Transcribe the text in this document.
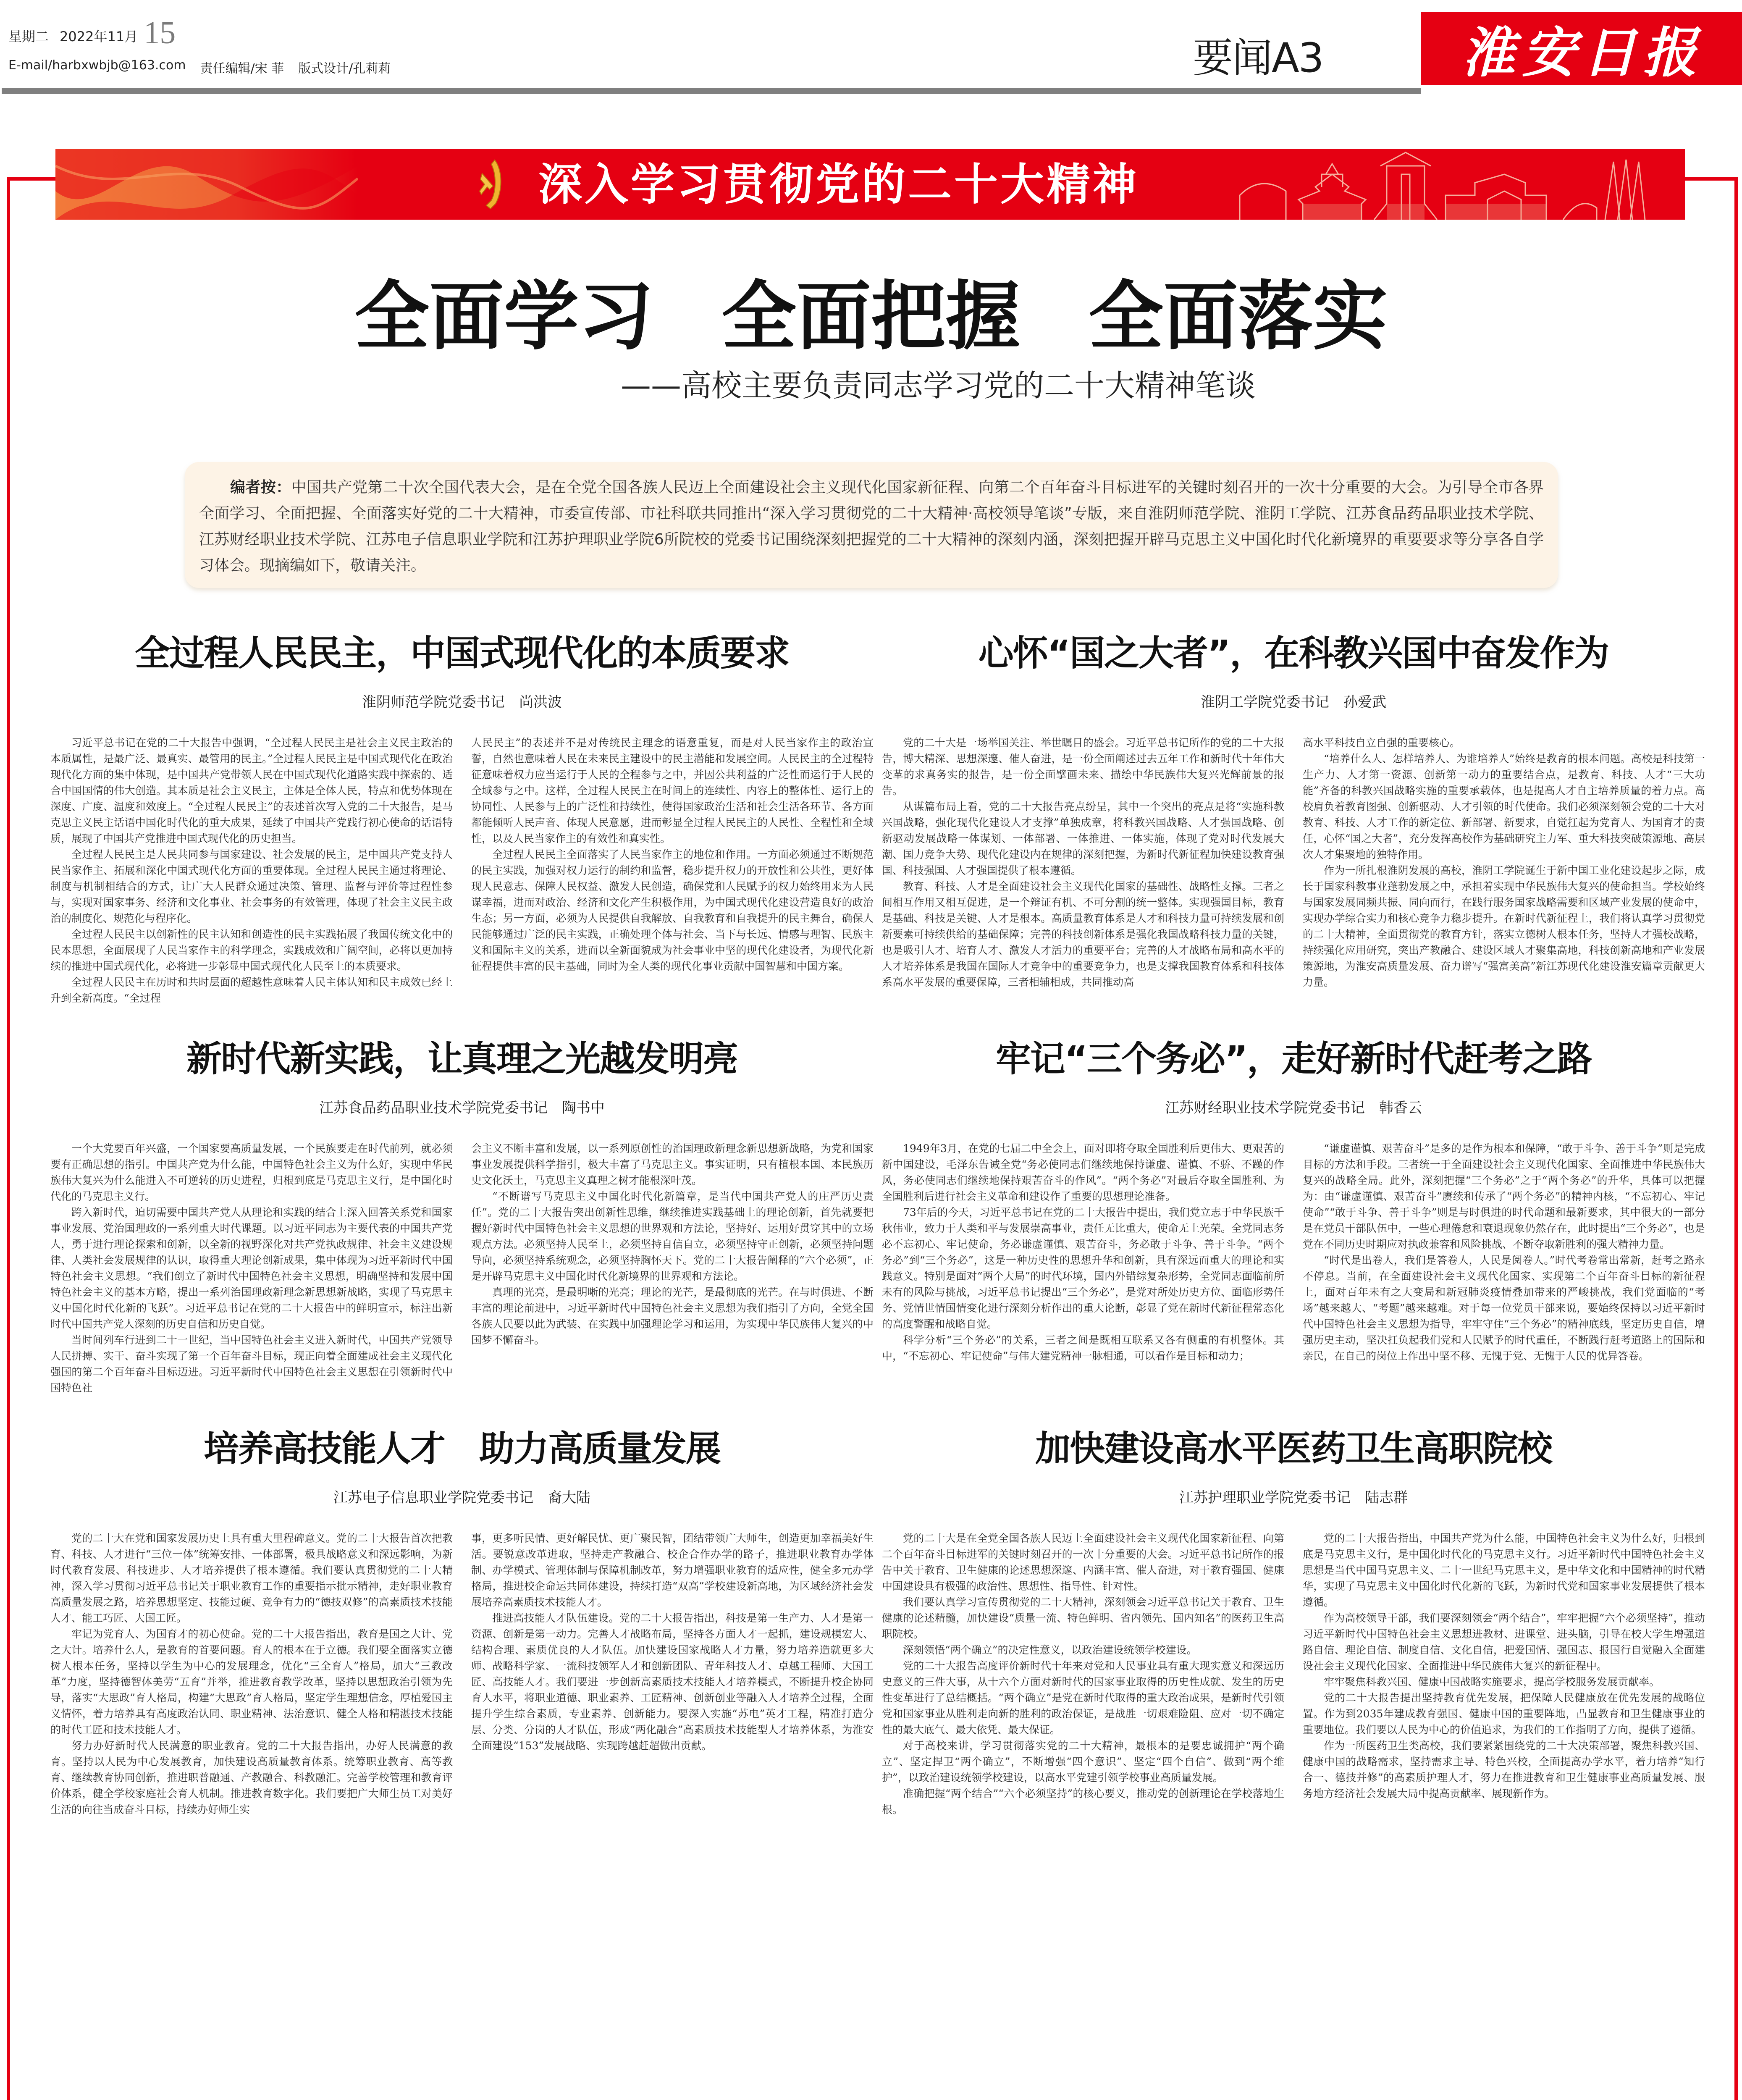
星期二 2022年11月 15
E-mail/harbxwbjb@163.com 责任编辑/宋 菲 版式设计/孔莉莉	要闻A3	淮安日报
深入学习贯彻党的二十大精神
全面学习 全面把握 全面落实
——高校主要负责同志学习党的二十大精神笔谈
编者按：中国共产党第二十次全国代表大会，是在全党全国各族人民迈上全面建设社会主义现代化国家新征程、向第二个百年奋斗目标进军的关键时刻召开的一次十分重要的大会。为引导全市各界全面学习、全面把握、全面落实好党的二十大精神，市委宣传部、市社科联共同推出“深入学习贯彻党的二十大精神·高校领导笔谈”专版，来自淮阴师范学院、淮阴工学院、江苏食品药品职业技术学院、江苏财经职业技术学院、江苏电子信息职业学院和江苏护理职业学院6所院校的党委书记围绕深刻把握党的二十大精神的深刻内涵，深刻把握开辟马克思主义中国化时代化新境界的重要要求等分享各自学习体会。现摘编如下，敬请关注。
全过程人民民主，中国式现代化的本质要求
淮阴师范学院党委书记　尚洪波

习近平总书记在党的二十大报告中强调，“全过程人民民主是社会主义民主政治的本质属性，是最广泛、最真实、最管用的民主。”全过程人民民主是中国式现代化在政治现代化方面的集中体现，是中国共产党带领人民在中国式现代化道路实践中探索的、适合中国国情的伟大创造。其本质是社会主义民主，主体是全体人民，特点和优势体现在深度、广度、温度和效度上。“全过程人民民主”的表述首次写入党的二十大报告，是马克思主义民主话语中国化时代化的重大成果，延续了中国共产党践行初心使命的话语特质，展现了中国共产党推进中国式现代化的历史担当。

全过程人民民主是人民共同参与国家建设、社会发展的民主，是中国共产党支持人民当家作主、拓展和深化中国式现代化方面的重要体现。全过程人民民主通过将理论、制度与机制相结合的方式，让广大人民群众通过决策、管理、监督与评价等过程性参与，实现对国家事务、经济和文化事业、社会事务的有效管理，体现了社会主义民主政治的制度化、规范化与程序化。

全过程人民民主以创新性的民主认知和创造性的民主实践拓展了我国传统文化中的民本思想，全面展现了人民当家作主的科学理念，实践成效和广阔空间，必将以更加持续的推进中国式现代化，必将进一步彰显中国式现代化人民至上的本质要求。

全过程人民民主在历时和共时层面的超越性意味着人民主体认知和民主成效已经上升到全新高度。“全过程

人民民主”的表述并不是对传统民主理念的语意重复，而是对人民当家作主的政治宣誓，自然也意味着人民在未来民主建设中的民主潜能和发展空间。人民民主的全过程特征意味着权力应当运行于人民的全程参与之中，并因公共利益的广泛性而运行于人民的全域参与之中。这样，全过程人民民主在时间上的连续性、内容上的整体性、运行上的协同性、人民参与上的广泛性和持续性，使得国家政治生活和社会生活各环节、各方面都能倾听人民声音、体现人民意愿，进而彰显全过程人民民主的人民性、全程性和全域性，以及人民当家作主的有效性和真实性。

全过程人民民主全面落实了人民当家作主的地位和作用。一方面必须通过不断规范的民主实践，加强对权力运行的制约和监督，稳步提升权力的开放性和公共性，更好体现人民意志、保障人民权益、激发人民创造，确保党和人民赋予的权力始终用来为人民谋幸福，进而对政治、经济和文化产生积极作用，为中国式现代化建设营造良好的政治生态；另一方面，必须为人民提供自我解放、自我教育和自我提升的民主舞台，确保人民能够通过广泛的民主实践，正确处理个体与社会、当下与长远、情感与理智、民族主义和国际主义的关系，进而以全新面貌成为社会事业中坚的现代化建设者，为现代化新征程提供丰富的民主基础，同时为全人类的现代化事业贡献中国智慧和中国方案。

心怀“国之大者”，在科教兴国中奋发作为
淮阴工学院党委书记　孙爱武

党的二十大是一场举国关注、举世瞩目的盛会。习近平总书记所作的党的二十大报告，博大精深、思想深邃、催人奋进，是一份全面阐述过去五年工作和新时代十年伟大变革的求真务实的报告，是一份全面擘画未来、描绘中华民族伟大复兴光辉前景的报告。

从谋篇布局上看，党的二十大报告亮点纷呈，其中一个突出的亮点是将“实施科教兴国战略，强化现代化建设人才支撑”单独成章，将科教兴国战略、人才强国战略、创新驱动发展战略一体谋划、一体部署、一体推进、一体实施，体现了党对时代发展大潮、国力竞争大势、现代化建设内在规律的深刻把握，为新时代新征程加快建设教育强国、科技强国、人才强国提供了根本遵循。

教育、科技、人才是全面建设社会主义现代化国家的基础性、战略性支撑。三者之间相互作用又相互促进，是一个辩证有机、不可分割的统一整体。实现强国目标，教育是基础、科技是关键、人才是根本。高质量教育体系是人才和科技力量可持续发展和创新要素可持续供给的基础保障；完善的科技创新体系是强化我国战略科技力量的关键，也是吸引人才、培育人才、激发人才活力的重要平台；完善的人才战略布局和高水平的人才培养体系是我国在国际人才竞争中的重要竞争力，也是支撑我国教育体系和科技体系高水平发展的重要保障，三者相辅相成，共同推动高

高水平科技自立自强的重要核心。

“培养什么人、怎样培养人、为谁培养人”始终是教育的根本问题。高校是科技第一生产力、人才第一资源、创新第一动力的重要结合点，是教育、科技、人才“三大功能”齐备的科教兴国战略实施的重要承载体，也是提高人才自主培养质量的着力点。高校肩负着教育图强、创新驱动、人才引领的时代使命。我们必须深刻领会党的二十大对教育、科技、人才工作的新定位、新部署、新要求，自觉扛起为党育人、为国育才的责任，心怀“国之大者”，充分发挥高校作为基础研究主力军、重大科技突破策源地、高层次人才集聚地的独特作用。

作为一所扎根淮阴发展的高校，淮阴工学院诞生于新中国工业化建设起步之际，成长于国家科教事业蓬勃发展之中，承担着实现中华民族伟大复兴的使命担当。学校始终与国家发展同频共振、同向而行，在践行服务国家战略需要和区域产业发展的使命中，实现办学综合实力和核心竞争力稳步提升。在新时代新征程上，我们将认真学习贯彻党的二十大精神，全面贯彻党的教育方针，落实立德树人根本任务，坚持人才强校战略，持续强化应用研究，突出产教融合、建设区域人才聚集高地，科技创新高地和产业发展策源地，为淮安高质量发展、奋力谱写“强富美高”新江苏现代化建设淮安篇章贡献更大力量。

新时代新实践，让真理之光越发明亮
江苏食品药品职业技术学院党委书记　陶书中

一个大党要百年兴盛，一个国家要高质量发展，一个民族要走在时代前列，就必须要有正确思想的指引。中国共产党为什么能，中国特色社会主义为什么好，实现中华民族伟大复兴为什么能进入不可逆转的历史进程，归根到底是马克思主义行，是中国化时代化的马克思主义行。

跨入新时代，迫切需要中国共产党人从理论和实践的结合上深入回答关系党和国家事业发展、党治国理政的一系列重大时代课题。以习近平同志为主要代表的中国共产党人，勇于进行理论探索和创新，以全新的视野深化对共产党执政规律、社会主义建设规律、人类社会发展规律的认识，取得重大理论创新成果，集中体现为习近平新时代中国特色社会主义思想。“我们创立了新时代中国特色社会主义思想，明确坚持和发展中国特色社会主义的基本方略，提出一系列治国理政新理念新思想新战略，实现了马克思主义中国化时代化新的飞跃”。习近平总书记在党的二十大报告中的鲜明宣示，标注出新时代中国共产党人深刻的历史自信和历史自觉。

当时间列车行进到二十一世纪，当中国特色社会主义进入新时代，中国共产党领导人民拼搏、实干、奋斗实现了第一个百年奋斗目标，现正向着全面建成社会主义现代化强国的第二个百年奋斗目标迈进。习近平新时代中国特色社会主义思想在引领新时代中国特色社

会主义不断丰富和发展，以一系列原创性的治国理政新理念新思想新战略，为党和国家事业发展提供科学指引，极大丰富了马克思主义。事实证明，只有植根本国、本民族历史文化沃土，马克思主义真理之树才能根深叶茂。

“不断谱写马克思主义中国化时代化新篇章，是当代中国共产党人的庄严历史责任”。党的二十大报告突出创新性思维，继续推进实践基础上的理论创新，首先就要把握好新时代中国特色社会主义思想的世界观和方法论，坚持好、运用好贯穿其中的立场观点方法。必须坚持人民至上，必须坚持自信自立，必须坚持守正创新，必须坚持问题导向，必须坚持系统观念，必须坚持胸怀天下。党的二十大报告阐释的“六个必须”，正是开辟马克思主义中国化时代化新境界的世界观和方法论。

真理的光亮，是最明晰的光亮；理论的光芒，是最彻底的光芒。在与时俱进、不断丰富的理论前进中，习近平新时代中国特色社会主义思想为我们指引了方向，全党全国各族人民要以此为武装、在实践中加强理论学习和运用，为实现中华民族伟大复兴的中国梦不懈奋斗。

牢记“三个务必”，走好新时代赶考之路
江苏财经职业技术学院党委书记　韩香云

1949年3月，在党的七届二中全会上，面对即将夺取全国胜利后更伟大、更艰苦的新中国建设，毛泽东告诫全党“务必使同志们继续地保持谦虚、谨慎、不骄、不躁的作风，务必使同志们继续地保持艰苦奋斗的作风”。“两个务必”对最后夺取全国胜利、为全国胜利后进行社会主义革命和建设作了重要的思想理论准备。

73年后的今天，习近平总书记在党的二十大报告中提出，我们党立志于中华民族千秋伟业，致力于人类和平与发展崇高事业，责任无比重大，使命无上光荣。全党同志务必不忘初心、牢记使命，务必谦虚谨慎、艰苦奋斗，务必敢于斗争、善于斗争。“两个务必”到“三个务必”，这是一种历史性的思想升华和创新，具有深远而重大的理论和实践意义。特别是面对“两个大局”的时代环境，国内外错综复杂形势，全党同志面临前所未有的风险与挑战，习近平总书记提出“三个务必”，是党对所处历史方位、面临形势任务、党情世情国情变化进行深刻分析作出的重大论断，彰显了党在新时代新征程常态化的高度警醒和战略自觉。

科学分析“三个务必”的关系，三者之间是既相互联系又各有侧重的有机整体。其中，“不忘初心、牢记使命”与伟大建党精神一脉相通，可以看作是目标和动力；

“谦虚谨慎、艰苦奋斗”是多的是作为根本和保障，“敢于斗争、善于斗争”则是完成目标的方法和手段。三者统一于全面建设社会主义现代化国家、全面推进中华民族伟大复兴的战略全局。此外，深刻把握“三个务必”之于“两个务必”的升华，具体可以把握为：由“谦虚谨慎、艰苦奋斗”赓续和传承了“两个务必”的精神内核，“不忘初心、牢记使命”“敢于斗争、善于斗争”则是与时俱进的时代命题和最新要求，其中很大的一部分是在党员干部队伍中，一些心理倦怠和衰退现象仍然存在，此时提出“三个务必”，也是党在不同历史时期应对执政兼容和风险挑战、不断夺取新胜利的强大精神力量。

“时代是出卷人，我们是答卷人，人民是阅卷人。”时代考卷常出常新，赶考之路永不停息。当前，在全面建设社会主义现代化国家、实现第二个百年奋斗目标的新征程上，面对百年未有之大变局和新冠肺炎疫情叠加带来的严峻挑战，我们党面临的“考场”越来越大、“考题”越来越难。对于每一位党员干部来说，要始终保持以习近平新时代中国特色社会主义思想为指导，牢牢守住“三个务必”的精神底线，坚定历史自信，增强历史主动，坚决扛负起我们党和人民赋予的时代重任，不断践行赶考道路上的国际和亲民，在自己的岗位上作出中坚不移、无愧于党、无愧于人民的优异答卷。

培养高技能人才　助力高质量发展
江苏电子信息职业学院党委书记　裔大陆

党的二十大在党和国家发展历史上具有重大里程碑意义。党的二十大报告首次把教育、科技、人才进行“三位一体”统筹安排、一体部署，极具战略意义和深远影响，为新时代教育发展、科技进步、人才培养提供了根本遵循。我们要认真贯彻党的二十大精神，深入学习贯彻习近平总书记关于职业教育工作的重要指示批示精神，走好职业教育高质量发展之路，培养思想坚定、技能过硬、竞争有力的“德技双修”的高素质技术技能人才、能工巧匠、大国工匠。

牢记为党育人、为国育才的初心使命。党的二十大报告指出，教育是国之大计、党之大计。培养什么人，是教育的首要问题。育人的根本在于立德。我们要全面落实立德树人根本任务，坚持以学生为中心的发展理念，优化“三全育人”格局，加大“三教改革”力度，坚持德智体美劳“五育”并举，推进教育教学改革，坚持以思想政治引领为先导，落实“大思政”育人格局，构建“大思政”育人格局，坚定学生理想信念，厚植爱国主义情怀，着力培养具有高度政治认同、职业精神、法治意识、健全人格和精湛技术技能的时代工匠和技术技能人才。

努力办好新时代人民满意的职业教育。党的二十大报告指出，办好人民满意的教育。坚持以人民为中心发展教育，加快建设高质量教育体系。统筹职业教育、高等教育、继续教育协同创新，推进职普融通、产教融合、科教融汇。完善学校管理和教育评价体系，健全学校家庭社会育人机制。推进教育数字化。我们要把广大师生员工对美好生活的向往当成奋斗目标，持续办好师生实

事，更多听民情、更好解民忧、更广聚民智，团结带领广大师生，创造更加幸福美好生活。要锐意改革进取，坚持走产教融合、校企合作办学的路子，推进职业教育办学体制、办学模式、管理体制与保障机制改革，努力增强职业教育的适应性，健全多元办学格局，推进校企命运共同体建设，持续打造“双高”学校建设新高地，为区域经济社会发展培养高素质技术技能人才。

推进高技能人才队伍建设。党的二十大报告指出，科技是第一生产力、人才是第一资源、创新是第一动力。完善人才战略布局，坚持各方面人才一起抓，建设规模宏大、结构合理、素质优良的人才队伍。加快建设国家战略人才力量，努力培养造就更多大师、战略科学家、一流科技领军人才和创新团队、青年科技人才、卓越工程师、大国工匠、高技能人才。我们要进一步创新高素质技术技能人才培养模式，不断提升校企协同育人水平，将职业道德、职业素养、工匠精神、创新创业等融入人才培养全过程，全面提升学生综合素质，专业素养、创新能力。要深入实施“苏电”英才工程，精准打造分层、分类、分岗的人才队伍，形成“两化融合”高素质技术技能型人才培养体系，为淮安全面建设“153”发展战略、实现跨越赶超做出贡献。

加快建设高水平医药卫生高职院校
江苏护理职业学院党委书记　陆志群

党的二十大是在全党全国各族人民迈上全面建设社会主义现代化国家新征程、向第二个百年奋斗目标进军的关键时刻召开的一次十分重要的大会。习近平总书记所作的报告中关于教育、卫生健康的论述思想深邃、内涵丰富、催人奋进，对于教育强国、健康中国建设具有极强的政治性、思想性、指导性、针对性。

我们要认真学习宣传贯彻党的二十大精神，深刻领会习近平总书记关于教育、卫生健康的论述精髓，加快建设“质量一流、特色鲜明、省内领先、国内知名”的医药卫生高职院校。

深刻领悟“两个确立”的决定性意义，以政治建设统领学校建设。

党的二十大报告高度评价新时代十年来对党和人民事业具有重大现实意义和深远历史意义的三件大事，从十六个方面对新时代的国家事业取得的历史性成就、发生的历史性变革进行了总结概括。“两个确立”是党在新时代取得的重大政治成果，是新时代引领党和国家事业从胜利走向新的胜利的政治保证，是战胜一切艰难险阻、应对一切不确定性的最大底气、最大依凭、最大保证。

对于高校来讲，学习贯彻落实党的二十大精神，最根本的是要忠诚拥护“两个确立”、坚定捍卫“两个确立”，不断增强“四个意识”、坚定“四个自信”、做到“两个维护”，以政治建设统领学校建设，以高水平党建引领学校事业高质量发展。

准确把握“两个结合”“六个必须坚持”的核心要义，推动党的创新理论在学校落地生根。

党的二十大报告指出，中国共产党为什么能，中国特色社会主义为什么好，归根到底是马克思主义行，是中国化时代化的马克思主义行。习近平新时代中国特色社会主义思想是当代中国马克思主义、二十一世纪马克思主义，是中华文化和中国精神的时代精华，实现了马克思主义中国化时代化新的飞跃，为新时代党和国家事业发展提供了根本遵循。

作为高校领导干部，我们要深刻领会“两个结合”，牢牢把握“六个必须坚持”，推动习近平新时代中国特色社会主义思想进教材、进课堂、进头脑，引导在校大学生增强道路自信、理论自信、制度自信、文化自信，把爱国情、强国志、报国行自觉融入全面建设社会主义现代化国家、全面推进中华民族伟大复兴的新征程中。

牢牢聚焦科教兴国、健康中国战略实施要求，提高学校服务发展贡献率。

党的二十大报告提出坚持教育优先发展，把保障人民健康放在优先发展的战略位置。作为到2035年建成教育强国、健康中国的重要阵地，凸显教育和卫生健康事业的重要地位。我们要以人民为中心的价值追求，为我们的工作指明了方向，提供了遵循。

作为一所医药卫生类高校，我们要紧紧围绕党的二十大决策部署，聚焦科教兴国、健康中国的战略需求，坚持需求主导、特色兴校，全面提高办学水平，着力培养“知行合一、德技并修”的高素质护理人才，努力在推进教育和卫生健康事业高质量发展、服务地方经济社会发展大局中提高贡献率、展现新作为。
